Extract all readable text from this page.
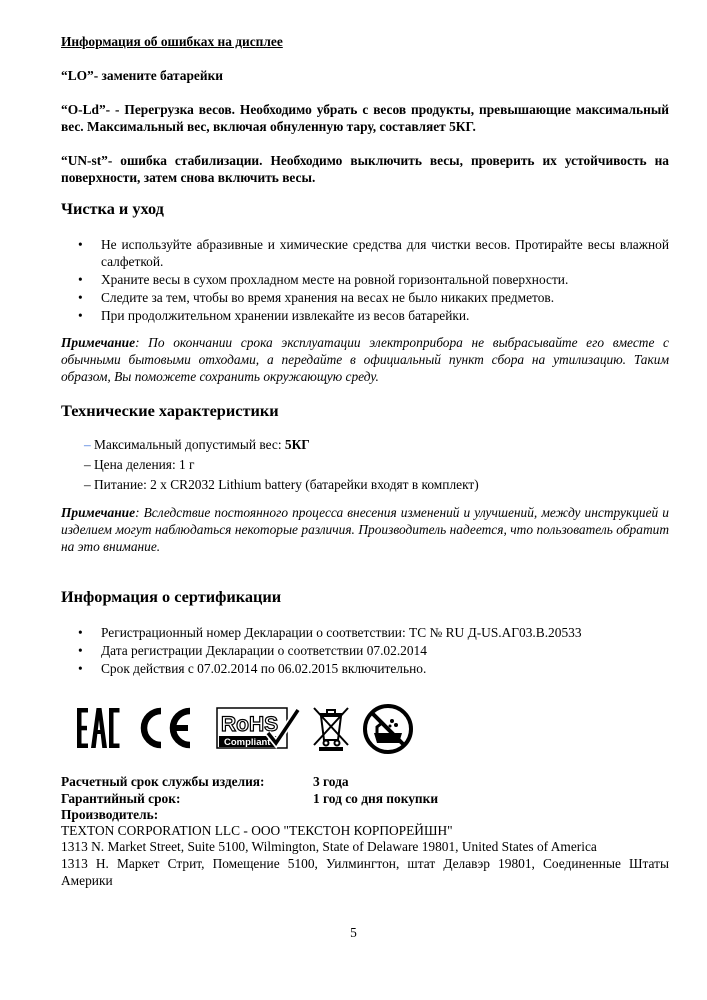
Информация об ошибках на дисплее
“LO”- замените батарейки
“O-Ld”- - Перегрузка весов. Необходимо убрать с весов продукты, превышающие максимальный вес. Максимальный вес, включая обнуленную тару, составляет 5КГ.
“UN-st”- ошибка стабилизации. Необходимо выключить весы, проверить их устойчивость на поверхности, затем снова включить весы.
Чистка и уход
• Не используйте абразивные и химические средства для чистки весов. Протирайте весы влажной салфеткой.
• Храните весы в сухом прохладном месте на ровной горизонтальной поверхности.
• Следите за тем, чтобы во время хранения на весах не было никаких предметов.
• При продолжительном хранении извлекайте из весов батарейки.
Примечание: По окончании срока эксплуатации электроприбора не выбрасывайте его вместе с обычными бытовыми отходами, а передайте в официальный пункт сбора на утилизацию. Таким образом, Вы поможете сохранить окружающую среду.
Технические характеристики
– Максимальный допустимый вес: 5КГ
– Цена деления: 1 г
– Питание: 2 x CR2032 Lithium battery (батарейки входят в комплект)
Примечание: Вследствие постоянного процесса внесения изменений и улучшений, между инструкцией и изделием могут наблюдаться некоторые различия. Производитель надеется, что пользователь обратит на это внимание.
Информация о сертификации
• Регистрационный номер Декларации о соответствии: ТС № RU Д-US.АГ03.В.20533
• Дата регистрации Декларации о соответствии 07.02.2014
• Срок действия с 07.02.2014 по 06.02.2015 включительно.
RoHS
Compliant
Расчетный срок службы изделия:	3 года
Гарантийный срок:	1 год со дня покупки
Производитель:
TEXTON CORPORATION LLC - ООО "ТЕКСТОН КОРПОРЕЙШН"
1313 N. Market Street, Suite 5100, Wilmington, State of Delaware 19801, United States of America
1313 Н. Маркет Стрит, Помещение 5100, Уилмингтон, штат Делавэр 19801, Соединенные Штаты Америки
5
